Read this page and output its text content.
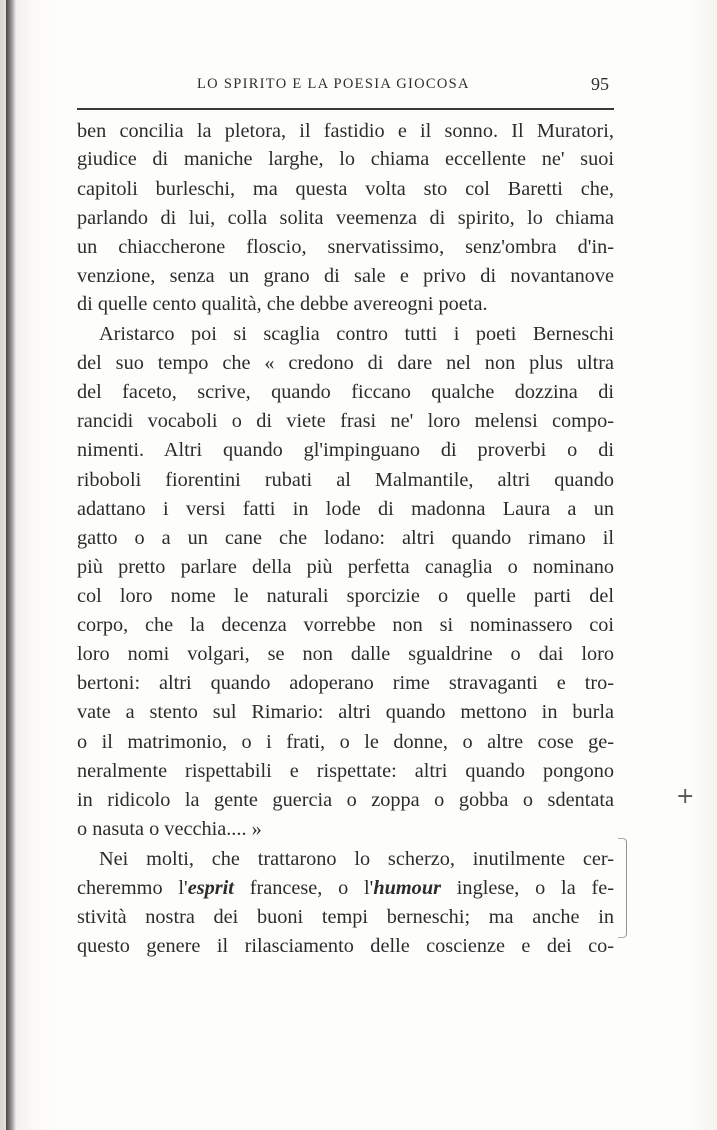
LO SPIRITO E LA POESIA GIOCOSA	95
ben concilia la pletora, il fastidio e il sonno. Il Muratori,
giudice di maniche larghe, lo chiama eccellente ne' suoi
capitoli burleschi, ma questa volta sto col Baretti che,
parlando di lui, colla solita veemenza di spirito, lo chiama
un chiaccherone floscio, snervatissimo, senz'ombra d'in-
venzione, senza un grano di sale e privo di novantanove
di quelle cento qualità, che debbe avereogni poeta.
Aristarco poi si scaglia contro tutti i poeti Berneschi
del suo tempo che « credono di dare nel non plus ultra
del faceto, scrive, quando ficcano qualche dozzina di
rancidi vocaboli o di viete frasi ne' loro melensi compo-
nimenti. Altri quando gl'impinguano di proverbi o di
riboboli fiorentini rubati al Malmantile, altri quando
adattano i versi fatti in lode di madonna Laura a un
gatto o a un cane che lodano: altri quando rimano il
più pretto parlare della più perfetta canaglia o nominano
col loro nome le naturali sporcizie o quelle parti del
corpo, che la decenza vorrebbe non si nominassero coi
loro nomi volgari, se non dalle sgualdrine o dai loro
bertoni: altri quando adoperano rime stravaganti e tro-
vate a stento sul Rimario: altri quando mettono in burla
o il matrimonio, o i frati, o le donne, o altre cose ge-
neralmente rispettabili e rispettate: altri quando pongono
in ridicolo la gente guercia o zoppa o gobba o sdentata
o nasuta o vecchia.... »
Nei molti, che trattarono lo scherzo, inutilmente cer-
cheremmo l'esprit francese, o l'humour inglese, o la fe-
stività nostra dei buoni tempi berneschi; ma anche in
questo genere il rilasciamento delle coscienze e dei co-
+
